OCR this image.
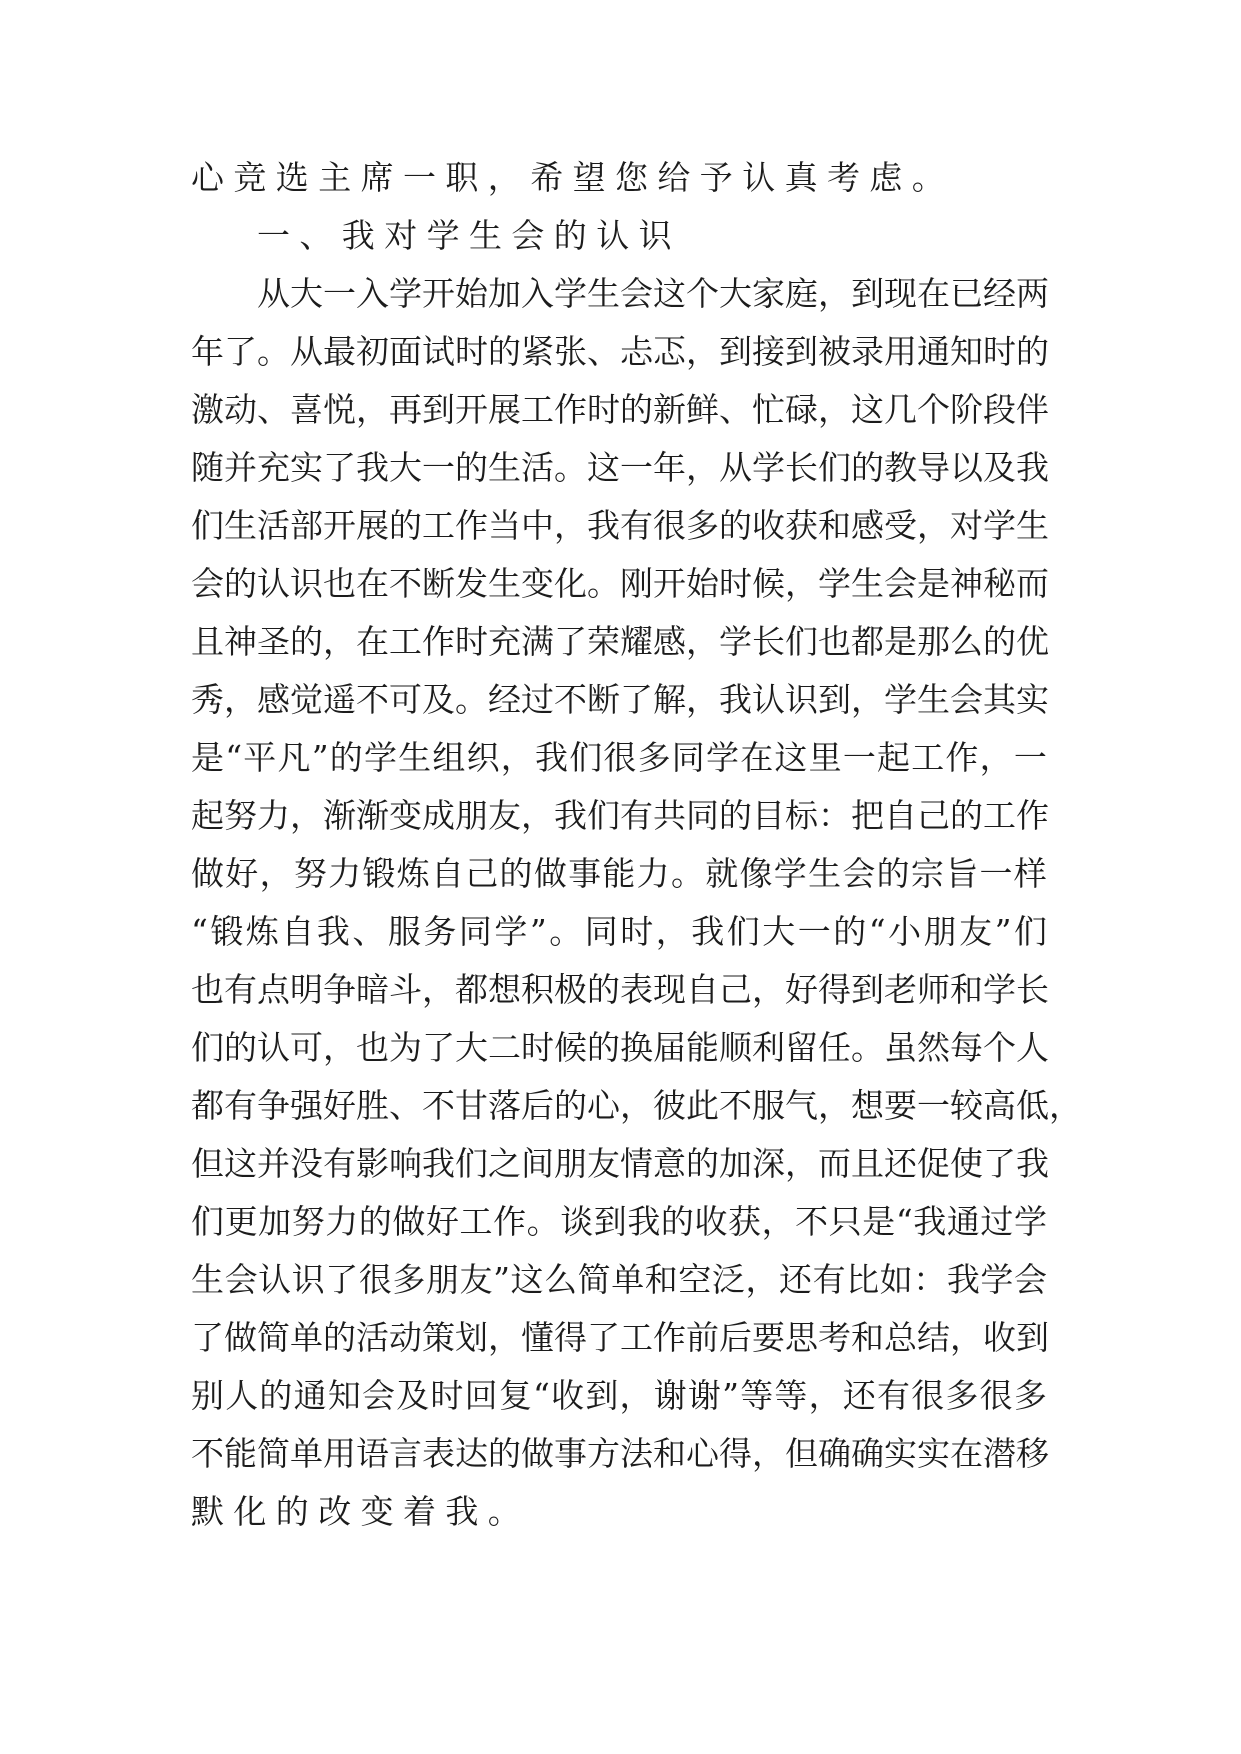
心竞选主席一职，希望您给予认真考虑。
一、我对学生会的认识
从 大 一 入 学 开 始 加 入 学 生 会 这 个 大 家 庭 ， 到 现 在 已 经 两
年 了 。 从 最 初 面 试 时 的 紧 张 、 忐 忑 ， 到 接 到 被 录 用 通 知 时 的
激 动 、 喜 悦 ， 再 到 开 展 工 作 时 的 新 鲜 、 忙 碌 ， 这 几 个 阶 段 伴
随 并 充 实 了 我 大 一 的 生 活 。 这 一 年 ， 从 学 长 们 的 教 导 以 及 我
们 生 活 部 开 展 的 工 作 当 中 ， 我 有 很 多 的 收 获 和 感 受 ， 对 学 生
会 的 认 识 也 在 不 断 发 生 变 化 。 刚 开 始 时 候 ， 学 生 会 是 神 秘 而
且 神 圣 的 ， 在 工 作 时 充 满 了 荣 耀 感 ， 学 长 们 也 都 是 那 么 的 优
秀 ， 感 觉 遥 不 可 及 。 经 过 不 断 了 解 ， 我 认 识 到 ， 学 生 会 其 实
是 “ 平 凡 ” 的 学 生 组 织 ， 我 们 很 多 同 学 在 这 里 一 起 工 作 ， 一
起 努 力 ， 渐 渐 变 成 朋 友 ， 我 们 有 共 同 的 目 标 ： 把 自 己 的 工 作
做 好 ， 努 力 锻 炼 自 己 的 做 事 能 力 。 就 像 学 生 会 的 宗 旨 一 样
“ 锻 炼 自 我 、 服 务 同 学 ” 。 同 时 ， 我 们 大 一 的 “ 小 朋 友 ” 们
也 有 点 明 争 暗 斗 ， 都 想 积 极 的 表 现 自 己 ， 好 得 到 老 师 和 学 长
们 的 认 可 ， 也 为 了 大 二 时 候 的 换 届 能 顺 利 留 任 。 虽 然 每 个 人
都 有 争 强 好 胜 、 不 甘 落 后 的 心 ， 彼 此 不 服 气 ， 想 要 一 较 高 低 ，
但 这 并 没 有 影 响 我 们 之 间 朋 友 情 意 的 加 深 ， 而 且 还 促 使 了 我
们 更 加 努 力 的 做 好 工 作 。 谈 到 我 的 收 获 ， 不 只 是 “ 我 通 过 学
生 会 认 识 了 很 多 朋 友 ” 这 么 简 单 和 空 泛 ， 还 有 比 如 ： 我 学 会
了 做 简 单 的 活 动 策 划 ， 懂 得 了 工 作 前 后 要 思 考 和 总 结 ， 收 到
别 人 的 通 知 会 及 时 回 复 “ 收 到 ， 谢 谢 ” 等 等 ， 还 有 很 多 很 多
不 能 简 单 用 语 言 表 达 的 做 事 方 法 和 心 得 ， 但 确 确 实 实 在 潜 移
默化的改变着我。
